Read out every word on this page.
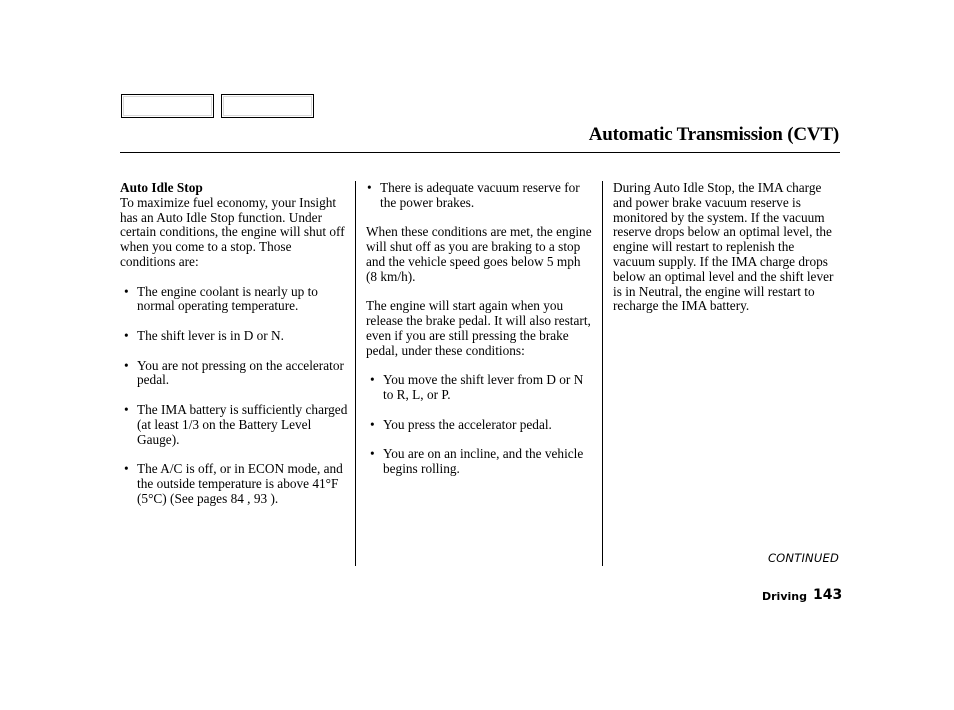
Automatic Transmission (CVT)

Auto Idle Stop

To maximize fuel economy, your Insight has an Auto Idle Stop function. Under certain conditions, the engine will shut off when you come to a stop. Those conditions are:

• The engine coolant is nearly up to normal operating temperature.
• The shift lever is in D or N.
• You are not pressing on the accelerator pedal.
• The IMA battery is sufficiently charged (at least 1/3 on the Battery Level Gauge).
• The A/C is off, or in ECON mode, and the outside temperature is above 41°F (5°C) (See pages 84 , 93 ).
• There is adequate vacuum reserve for the power brakes.

When these conditions are met, the engine will shut off as you are braking to a stop and the vehicle speed goes below 5 mph (8 km/h).

The engine will start again when you release the brake pedal. It will also restart, even if you are still pressing the brake pedal, under these conditions:

• You move the shift lever from D or N to R, L, or P.
• You press the accelerator pedal.
• You are on an incline, and the vehicle begins rolling.

During Auto Idle Stop, the IMA charge and power brake vacuum reserve is monitored by the system. If the vacuum reserve drops below an optimal level, the engine will restart to replenish the vacuum supply. If the IMA charge drops below an optimal level and the shift lever is in Neutral, the engine will restart to recharge the IMA battery.

CONTINUED
Driving 143
